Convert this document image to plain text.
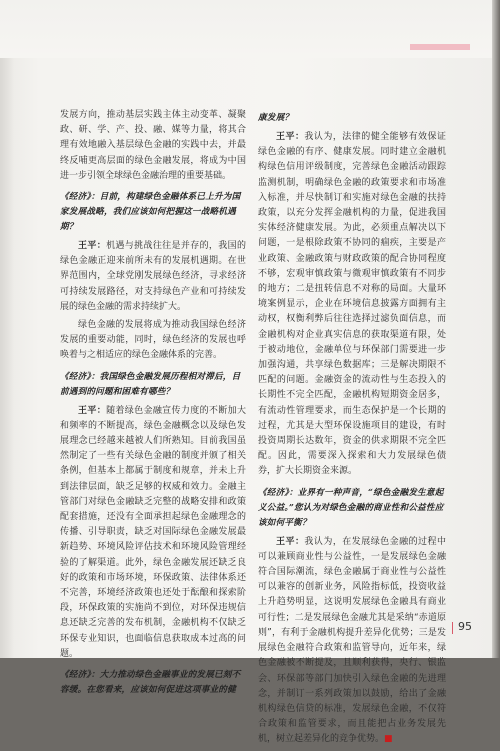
发展方向，推动基层实践主体主动变革、凝聚政、研、学、产、投、融、媒等力量，将其合理有效地融入基层绿色金融的实践中去，并最终反哺更高层面的绿色金融发展，将成为中国进一步引领全球绿色金融治理的重要基础。

《经济》：目前，构建绿色金融体系已上升为国家发展战略，我们应该如何把握这一战略机遇期？

王平：机遇与挑战往往是并存的，我国的绿色金融正迎来前所未有的发展机遇期。在世界范围内，全球党刚发展绿色经济，寻求经济可持续发展路径，对支持绿色产业和可持续发展的绿色金融的需求持续扩大。

绿色金融的发展将成为推动我国绿色经济发展的重要动能，同时，绿色经济的发展也呼唤着与之相适应的绿色金融体系的完善。

《经济》：我国绿色金融发展历程相对滞后，目前遇到的问题和困难有哪些？

王平：随着绿色金融宣传力度的不断加大和频率的不断提高，绿色金融概念以及绿色发展理念已经越来越被人们所熟知。目前我国虽然制定了一些有关绿色金融的制度并颁了相关条例，但基本上都属于制度和规章，并未上升到法律层面，缺乏足够的权威和效力。金融主管部门对绿色金融缺乏完整的战略安排和政策配套措施，还没有全面承担起绿色金融理念的传播、引导职责，缺乏对国际绿色金融发展最新趋势、环境风险评估技术和环境风险管理经验的了解渠道。此外，绿色金融发展还缺乏良好的政策和市场环境，环保政策、法律体系还不完善，环境经济政策也还处于酝酿和探索阶段，环保政策的实施尚不到位，对环保违规信息还缺乏完善的发布机制，金融机构不仅缺乏环保专业知识，也面临信息获取成本过高的问题。

《经济》：大力推动绿色金融事业的发展已刻不容缓。在您看来，应该如何促进这项事业的健

康发展？

王平：我认为，法律的健全能够有效保证绿色金融的有序、健康发展。同时建立金融机构绿色信用评级制度，完善绿色金融活动跟踪监测机制，明确绿色金融的政策要求和市场准入标准，并尽快制订和实施对绿色金融的扶持政策，以充分发挥金融机构的力量，促进我国实体经济健康发展。为此，必须重点解决以下问题，一是根除政策不协同的痼疾，主要是产业政策、金融政策与财政政策的配合协同程度不够，宏观审慎政策与微观审慎政策有不同步的地方；二是扭转信息不对称的局面。大量环境案例显示，企业在环境信息披露方面拥有主动权，权衡利弊后往往选择过滤负面信息，而金融机构对企业真实信息的获取渠道有限，处于被动地位，金融单位与环保部门需要进一步加强沟通，共享绿色数据库；三是解决期限不匹配的问题。金融资金的流动性与生态投入的长期性不完全匹配，金融机构短期资金居多，有流动性管理要求，而生态保护是一个长期的过程，尤其是大型环保设施项目的建设，有时投资周期长达数年，资金的供求期限不完全匹配。因此，需要深入探索和大力发展绿色债券，扩大长期资金来源。

《经济》：业界有一种声音，“绿色金融发生意起义公益。”您认为对绿色金融的商业性和公益性应该如何平衡？

王平：我认为，在发展绿色金融的过程中可以兼顾商业性与公益性，一是发展绿色金融符合国际潮流，绿色金融属于商业性与公益性可以兼容的创新业务，风险指标低，投资收益上升趋势明显，这说明发展绿色金融具有商业可行性；二是发展绿色金融尤其是采纳“赤道原则”，有利于金融机构提升差异化优势；三是发展绿色金融符合政策和监管导向，近年来，绿色金融被不断提及，且顺利获得，央行、银监会、环保部等部门加快引入绿色金融的先进理念，并制订一系列政策加以鼓励，给出了金融机构绿色信贷的标准，发展绿色金融，不仅符合政策和监管要求，而且能把占业务发展先机，树立起差异化的竞争优势。■

95
